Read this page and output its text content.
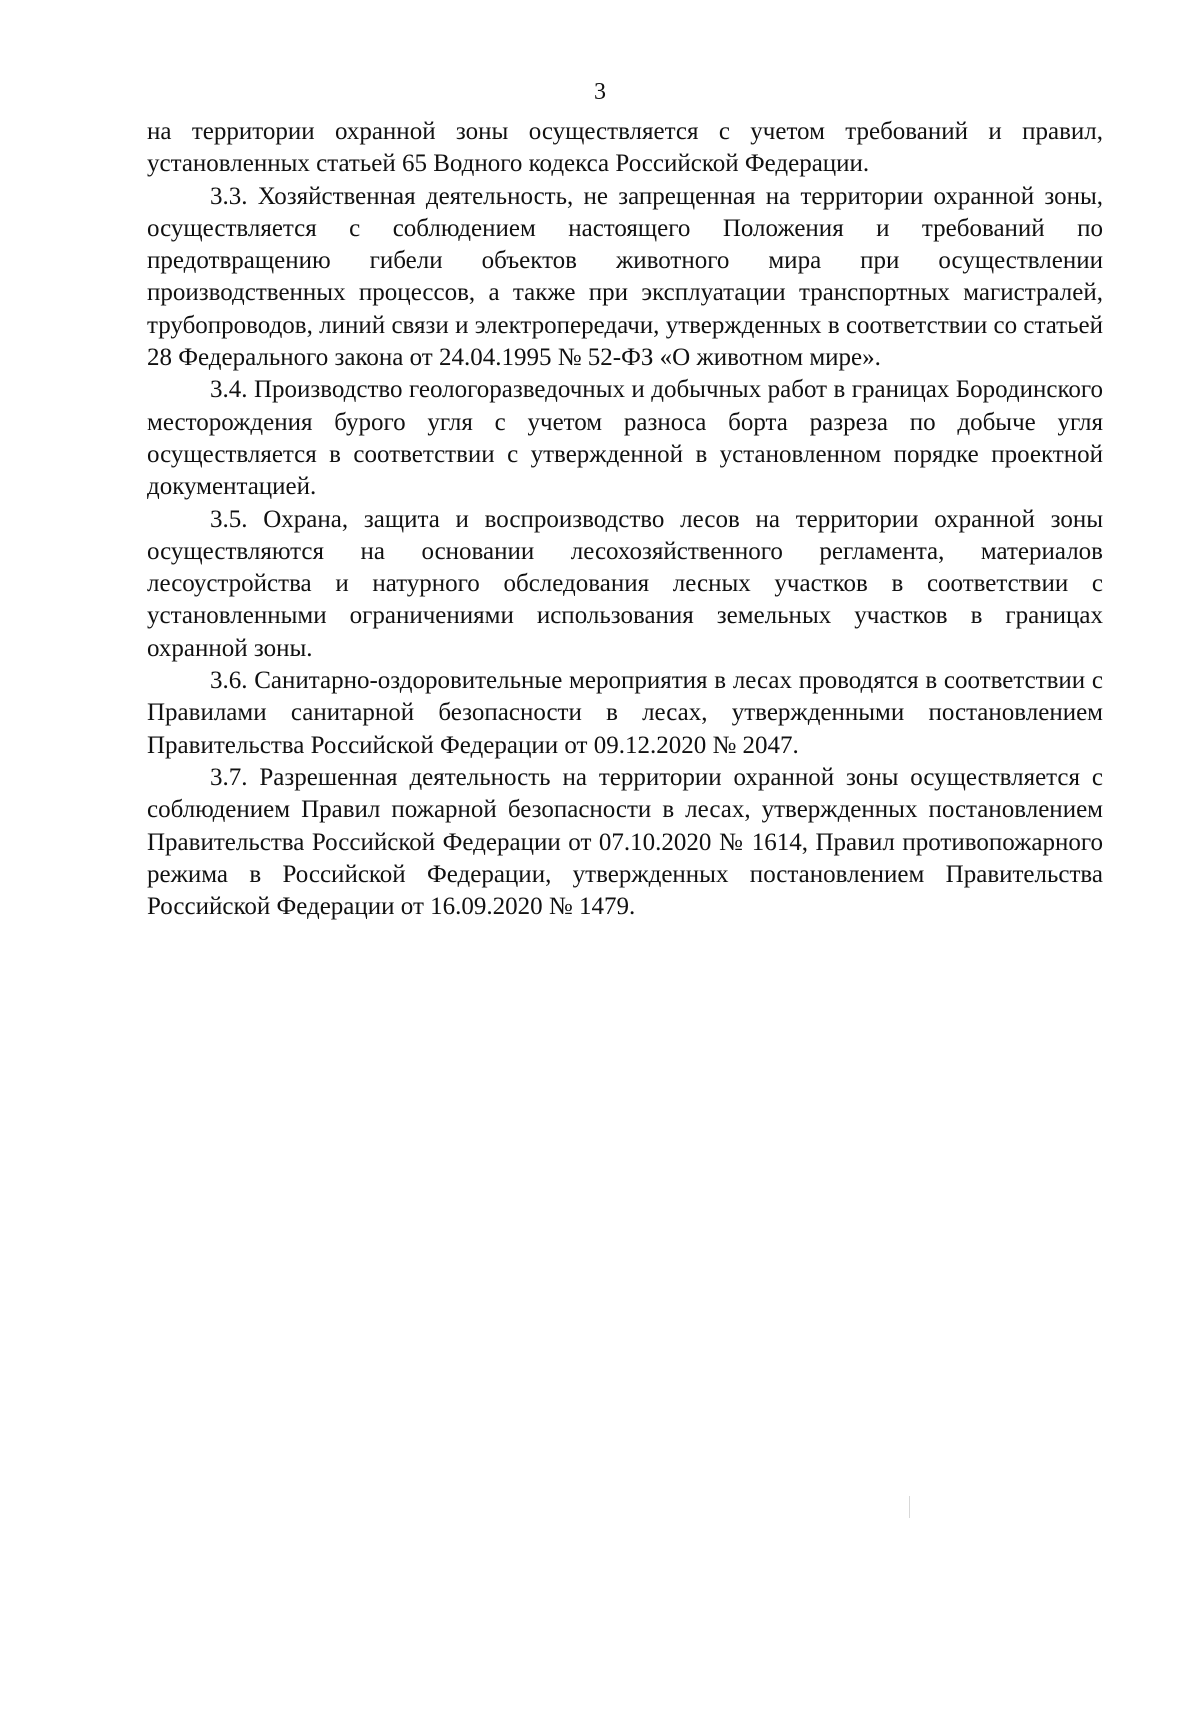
3

на территории охранной зоны осуществляется с учетом требований и правил, установленных статьей 65 Водного кодекса Российской Федерации.

3.3. Хозяйственная деятельность, не запрещенная на территории охранной зоны, осуществляется с соблюдением настоящего Положения и требований по предотвращению гибели объектов животного мира при осуществлении производственных процессов, а также при эксплуатации транспортных магистралей, трубопроводов, линий связи и электропередачи, утвержденных в соответствии со статьей 28 Федерального закона от 24.04.1995 № 52-ФЗ «О животном мире».

3.4. Производство геологоразведочных и добычных работ в границах Бородинского месторождения бурого угля с учетом разноса борта разреза по добыче угля осуществляется в соответствии с утвержденной в установленном порядке проектной документацией.

3.5. Охрана, защита и воспроизводство лесов на территории охранной зоны осуществляются на основании лесохозяйственного регламента, материалов лесоустройства и натурного обследования лесных участков в соответствии с установленными ограничениями использования земельных участков в границах охранной зоны.

3.6. Санитарно-оздоровительные мероприятия в лесах проводятся в соответствии с Правилами санитарной безопасности в лесах, утвержденными постановлением Правительства Российской Федерации от 09.12.2020 № 2047.

3.7. Разрешенная деятельность на территории охранной зоны осуществляется с соблюдением Правил пожарной безопасности в лесах, утвержденных постановлением Правительства Российской Федерации от 07.10.2020 № 1614, Правил противопожарного режима в Российской Федерации, утвержденных постановлением Правительства Российской Федерации от 16.09.2020 № 1479.
